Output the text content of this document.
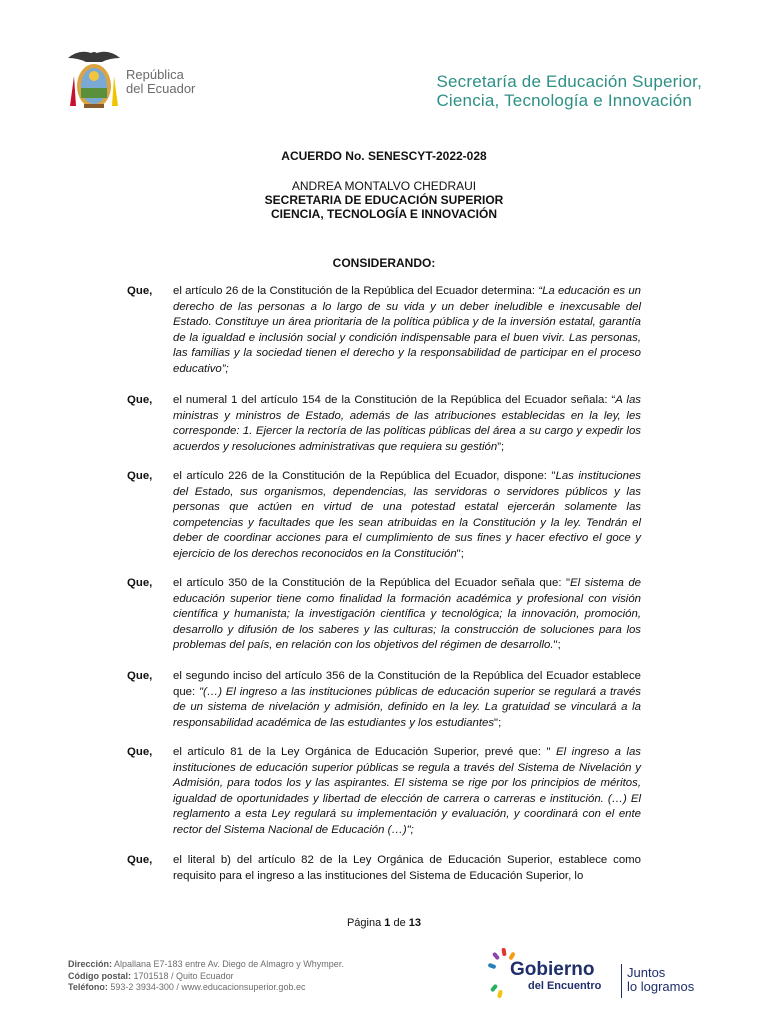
República
del Ecuador	Secretaría de Educación Superior,
Ciencia, Tecnología e Innovación
ACUERDO No. SENESCYT-2022-028
ANDREA MONTALVO CHEDRAUI
SECRETARIA DE EDUCACIÓN SUPERIOR
CIENCIA, TECNOLOGÍA E INNOVACIÓN
CONSIDERANDO:
Que, el artículo 26 de la Constitución de la República del Ecuador determina: “La educación es un derecho de las personas a lo largo de su vida y un deber ineludible e inexcusable del Estado. Constituye un área prioritaria de la política pública y de la inversión estatal, garantía de la igualdad e inclusión social y condición indispensable para el buen vivir. Las personas, las familias y la sociedad tienen el derecho y la responsabilidad de participar en el proceso educativo”;
Que, el numeral 1 del artículo 154 de la Constitución de la República del Ecuador señala: “A las ministras y ministros de Estado, además de las atribuciones establecidas en la ley, les corresponde: 1. Ejercer la rectoría de las políticas públicas del área a su cargo y expedir los acuerdos y resoluciones administrativas que requiera su gestión”;
Que, el artículo 226 de la Constitución de la República del Ecuador, dispone: "Las instituciones del Estado, sus organismos, dependencias, las servidoras o servidores públicos y las personas que actúen en virtud de una potestad estatal ejercerán solamente las competencias y facultades que les sean atribuidas en la Constitución y la ley. Tendrán el deber de coordinar acciones para el cumplimiento de sus fines y hacer efectivo el goce y ejercicio de los derechos reconocidos en la Constitución";
Que, el artículo 350 de la Constitución de la República del Ecuador señala que: "El sistema de educación superior tiene como finalidad la formación académica y profesional con visión científica y humanista; la investigación científica y tecnológica; la innovación, promoción, desarrollo y difusión de los saberes y las culturas; la construcción de soluciones para los problemas del país, en relación con los objetivos del régimen de desarrollo.";
Que, el segundo inciso del artículo 356 de la Constitución de la República del Ecuador establece que: "(…) El ingreso a las instituciones públicas de educación superior se regulará a través de un sistema de nivelación y admisión, definido en la ley. La gratuidad se vinculará a la responsabilidad académica de las estudiantes y los estudiantes";
Que, el artículo 81 de la Ley Orgánica de Educación Superior, prevé que: " El ingreso a las instituciones de educación superior públicas se regula a través del Sistema de Nivelación y Admisión, para todos los y las aspirantes. El sistema se rige por los principios de méritos, igualdad de oportunidades y libertad de elección de carrera o carreras e institución. (…) El reglamento a esta Ley regulará su implementación y evaluación, y coordinará con el ente rector del Sistema Nacional de Educación (…)";
Que, el literal b) del artículo 82 de la Ley Orgánica de Educación Superior, establece como requisito para el ingreso a las instituciones del Sistema de Educación Superior, lo
Página 1 de 13
Dirección: Alpallana E7-183 entre Av. Diego de Almagro y Whymper.
Código postal: 1701518 / Quito Ecuador
Teléfono: 593-2 3934-300 / www.educacionsuperior.gob.ec
Gobierno
del Encuentro
Juntos
lo logramos
